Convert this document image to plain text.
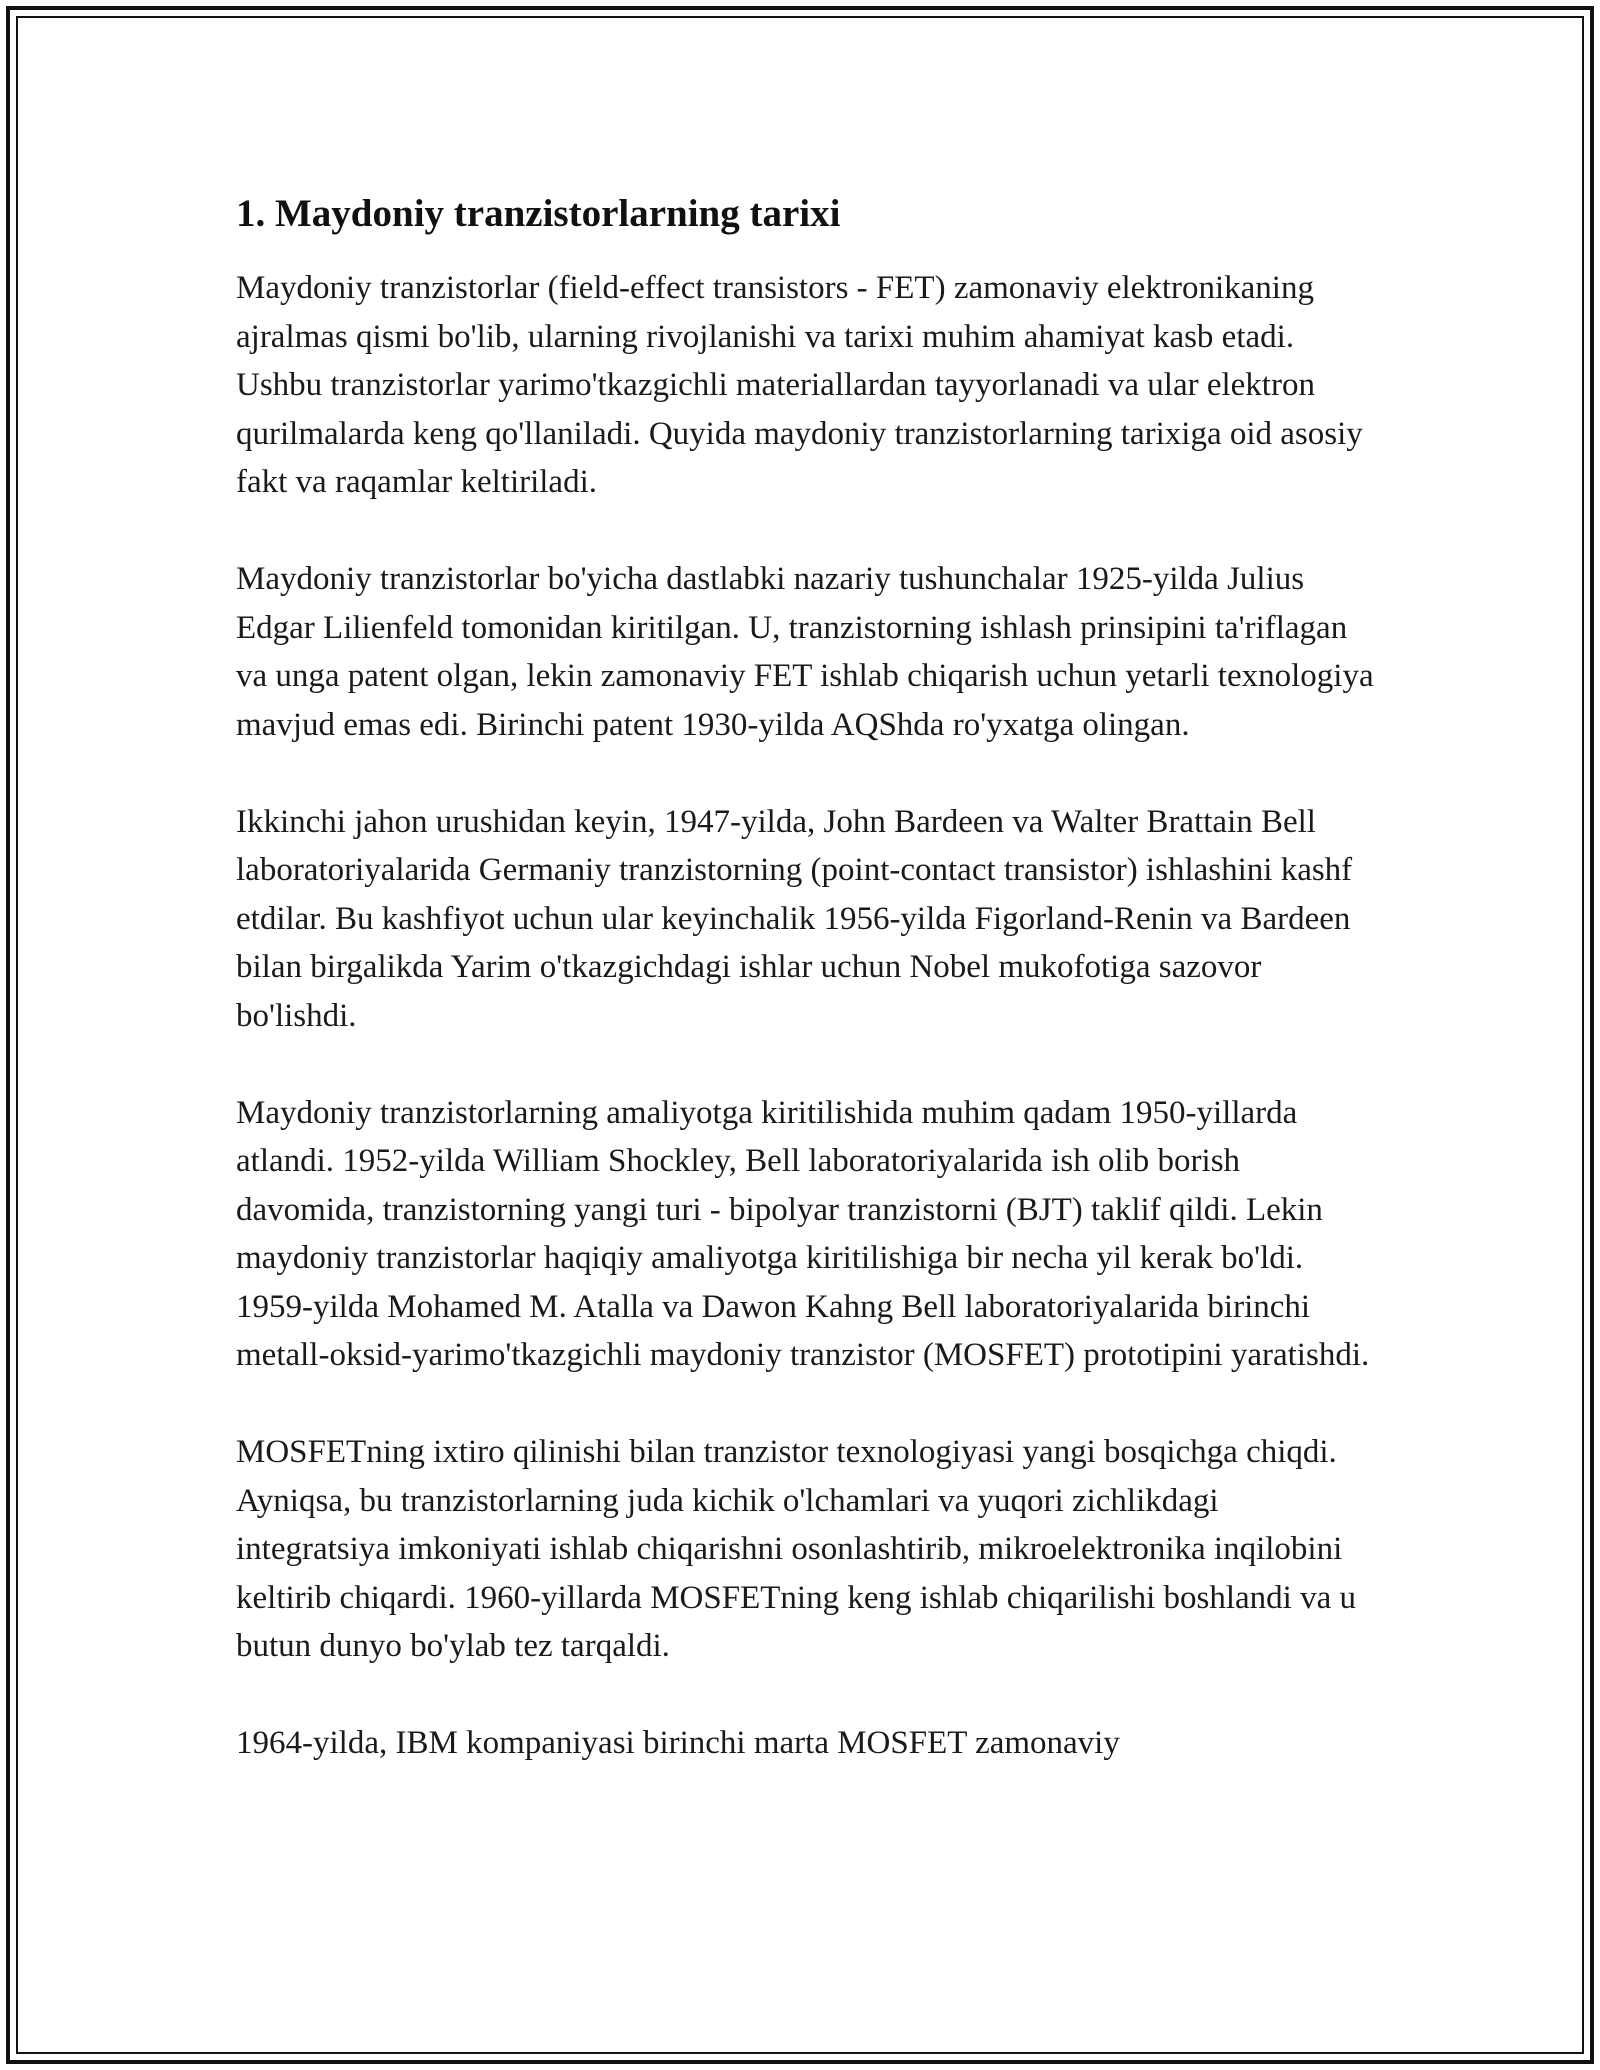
1. Maydoniy tranzistorlarning tarixi

Maydoniy tranzistorlar (field-effect transistors - FET) zamonaviy elektronikaning ajralmas qismi bo'lib, ularning rivojlanishi va tarixi muhim ahamiyat kasb etadi. Ushbu tranzistorlar yarimo'tkazgichli materiallardan tayyorlanadi va ular elektron qurilmalarda keng qo'llaniladi. Quyida maydoniy tranzistorlarning tarixiga oid asosiy fakt va raqamlar keltiriladi.

Maydoniy tranzistorlar bo'yicha dastlabki nazariy tushunchalar 1925-yilda Julius Edgar Lilienfeld tomonidan kiritilgan. U, tranzistorning ishlash prinsipini ta'riflagan va unga patent olgan, lekin zamonaviy FET ishlab chiqarish uchun yetarli texnologiya mavjud emas edi. Birinchi patent 1930-yilda AQShda ro'yxatga olingan.

Ikkinchi jahon urushidan keyin, 1947-yilda, John Bardeen va Walter Brattain Bell laboratoriyalarida Germaniy tranzistorning (point-contact transistor) ishlashini kashf etdilar. Bu kashfiyot uchun ular keyinchalik 1956-yilda Figorland-Renin va Bardeen bilan birgalikda Yarim o'tkazgichdagi ishlar uchun Nobel mukofotiga sazovor bo'lishdi.

Maydoniy tranzistorlarning amaliyotga kiritilishida muhim qadam 1950-yillarda atlandi. 1952-yilda William Shockley, Bell laboratoriyalarida ish olib borish davomida, tranzistorning yangi turi - bipolyar tranzistorni (BJT) taklif qildi. Lekin maydoniy tranzistorlar haqiqiy amaliyotga kiritilishiga bir necha yil kerak bo'ldi. 1959-yilda Mohamed M. Atalla va Dawon Kahng Bell laboratoriyalarida birinchi metall-oksid-yarimo'tkazgichli maydoniy tranzistor (MOSFET) prototipini yaratishdi.

MOSFETning ixtiro qilinishi bilan tranzistor texnologiyasi yangi bosqichga chiqdi. Ayniqsa, bu tranzistorlarning juda kichik o'lchamlari va yuqori zichlikdagi integratsiya imkoniyati ishlab chiqarishni osonlashtirib, mikroelektronika inqilobini keltirib chiqardi. 1960-yillarda MOSFETning keng ishlab chiqarilishi boshlandi va u butun dunyo bo'ylab tez tarqaldi.

1964-yilda, IBM kompaniyasi birinchi marta MOSFET zamonaviy
